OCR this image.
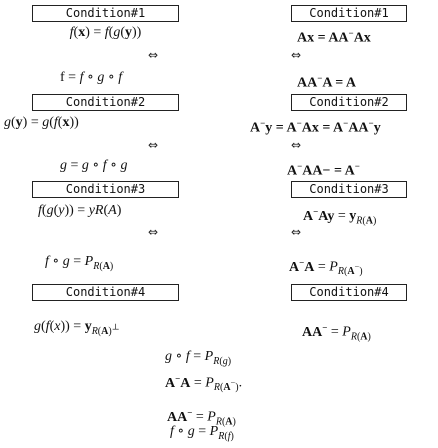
Condition#1
f(x) = f(g(y))
⇔
f = f ∘ g ∘ f
Condition#2
g(y) = g(f(x))
⇔
g = g ∘ f ∘ g
Condition#3
f(g(y)) = yR(A)
⇔
f ∘ $g = P_{R(A)}$
Condition#4
$g(f(x)) = y_{R(A)^\perp}$
Condition#1
Ax = AA−Ax
⇔
AA−A = A
Condition#2
A−y = A−Ax = A−AA−y
⇔
A−AA− = A−
Condition#3
$A^-Ay = y_{R(A)}$
⇔
$A^-A = P_{R(A^-)}$
Condition#4
$AA^- = P_{R(A)}$
g ∘ $f = P_{R(g)}$
$A^-A = P_{R(A^-)}$.
$AA^- = P_{R(A)}$
f ∘ $g = P_{R(f)}$
